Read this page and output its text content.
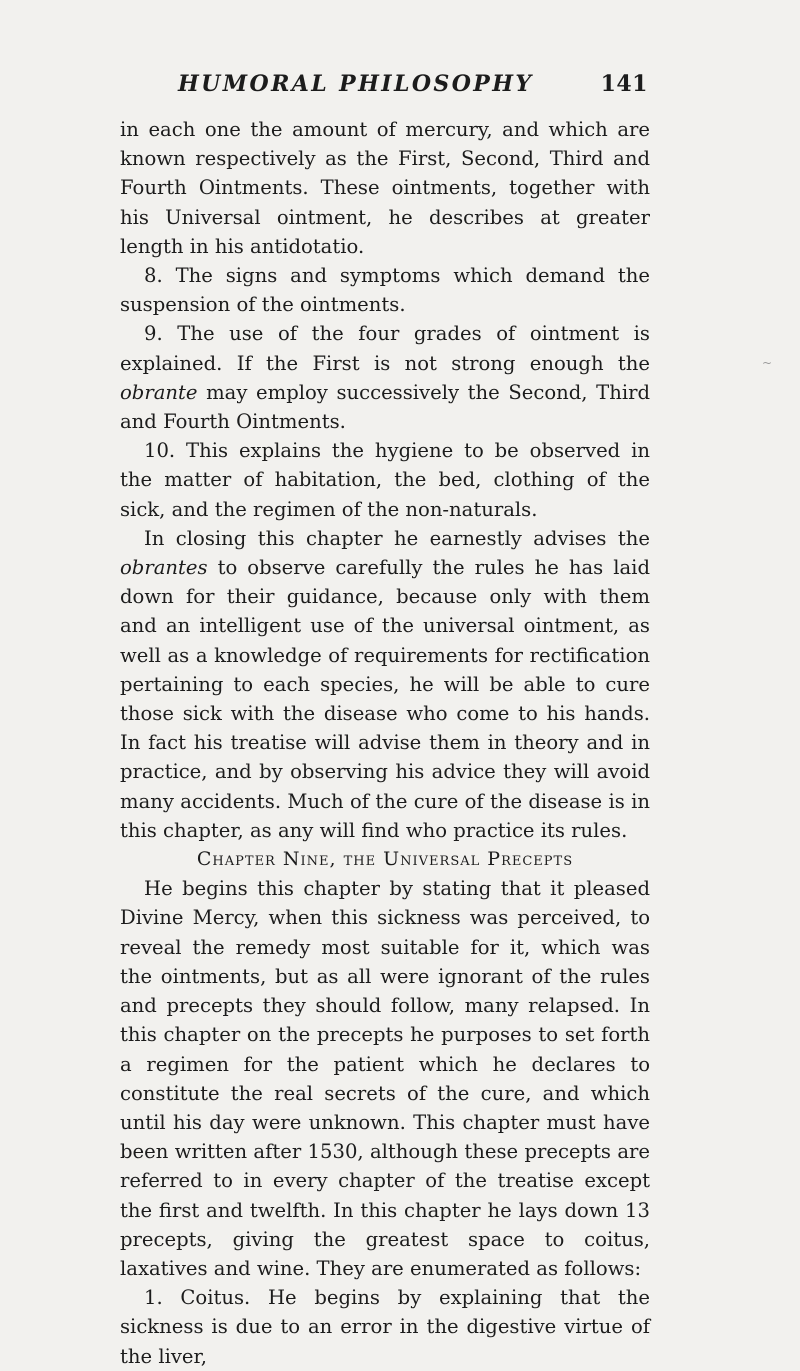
HUMORAL PHILOSOPHY	141

in each one the amount of mercury, and which are known respectively as the First, Second, Third and Fourth Ointments. These ointments, together with his Universal ointment, he describes at greater length in his antidotatio.

8. The signs and symptoms which demand the suspension of the ointments.

9. The use of the four grades of ointment is explained. If the First is not strong enough the obrante may employ successively the Second, Third and Fourth Ointments.

10. This explains the hygiene to be observed in the matter of habitation, the bed, clothing of the sick, and the regimen of the non-naturals.

In closing this chapter he earnestly advises the obrantes to observe carefully the rules he has laid down for their guidance, because only with them and an intelligent use of the universal ointment, as well as a knowledge of requirements for rectification pertaining to each species, he will be able to cure those sick with the disease who come to his hands. In fact his treatise will advise them in theory and in practice, and by observing his advice they will avoid many accidents. Much of the cure of the disease is in this chapter, as any will find who practice its rules.

Chapter Nine, the Universal Precepts

He begins this chapter by stating that it pleased Divine Mercy, when this sickness was perceived, to reveal the remedy most suitable for it, which was the ointments, but as all were ignorant of the rules and precepts they should follow, many relapsed. In this chapter on the precepts he purposes to set forth a regimen for the patient which he declares to constitute the real secrets of the cure, and which until his day were unknown. This chapter must have been written after 1530, although these precepts are referred to in every chapter of the treatise except the first and twelfth. In this chapter he lays down 13 precepts, giving the greatest space to coitus, laxatives and wine. They are enumerated as follows:

1. Coitus. He begins by explaining that the sickness is due to an error in the digestive virtue of the liver,

~
